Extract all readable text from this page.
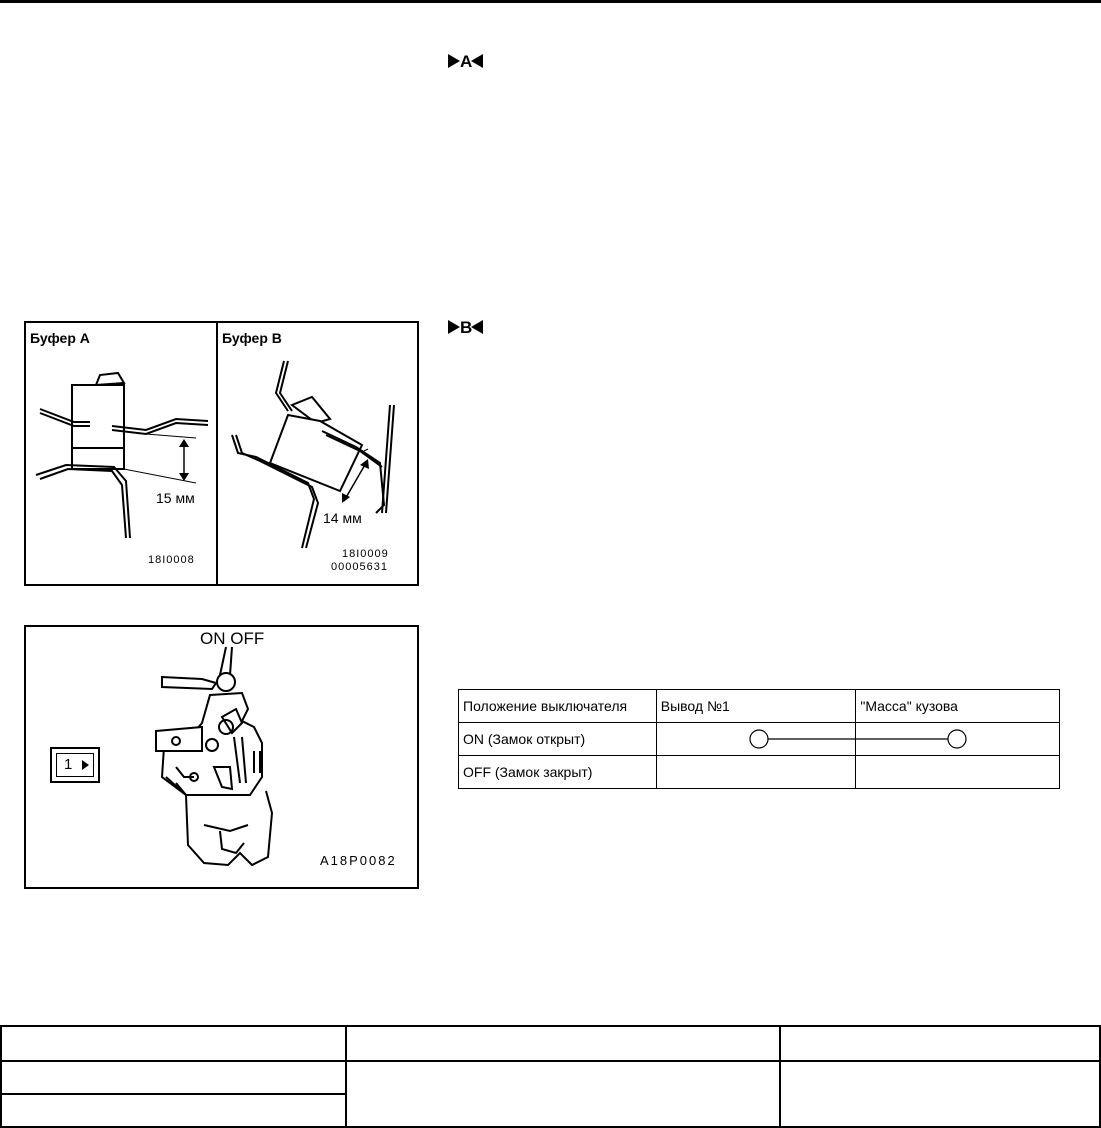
A
B
Буфер A	Буфер B
15 мм
14 мм
18I0008	18I0009
00005631
ON OFF
1
A18P0082
Положение выключателя	Вывод №1	"Масса" кузова
ON (Замок открыт)	

OFF (Замок закрыт)		
